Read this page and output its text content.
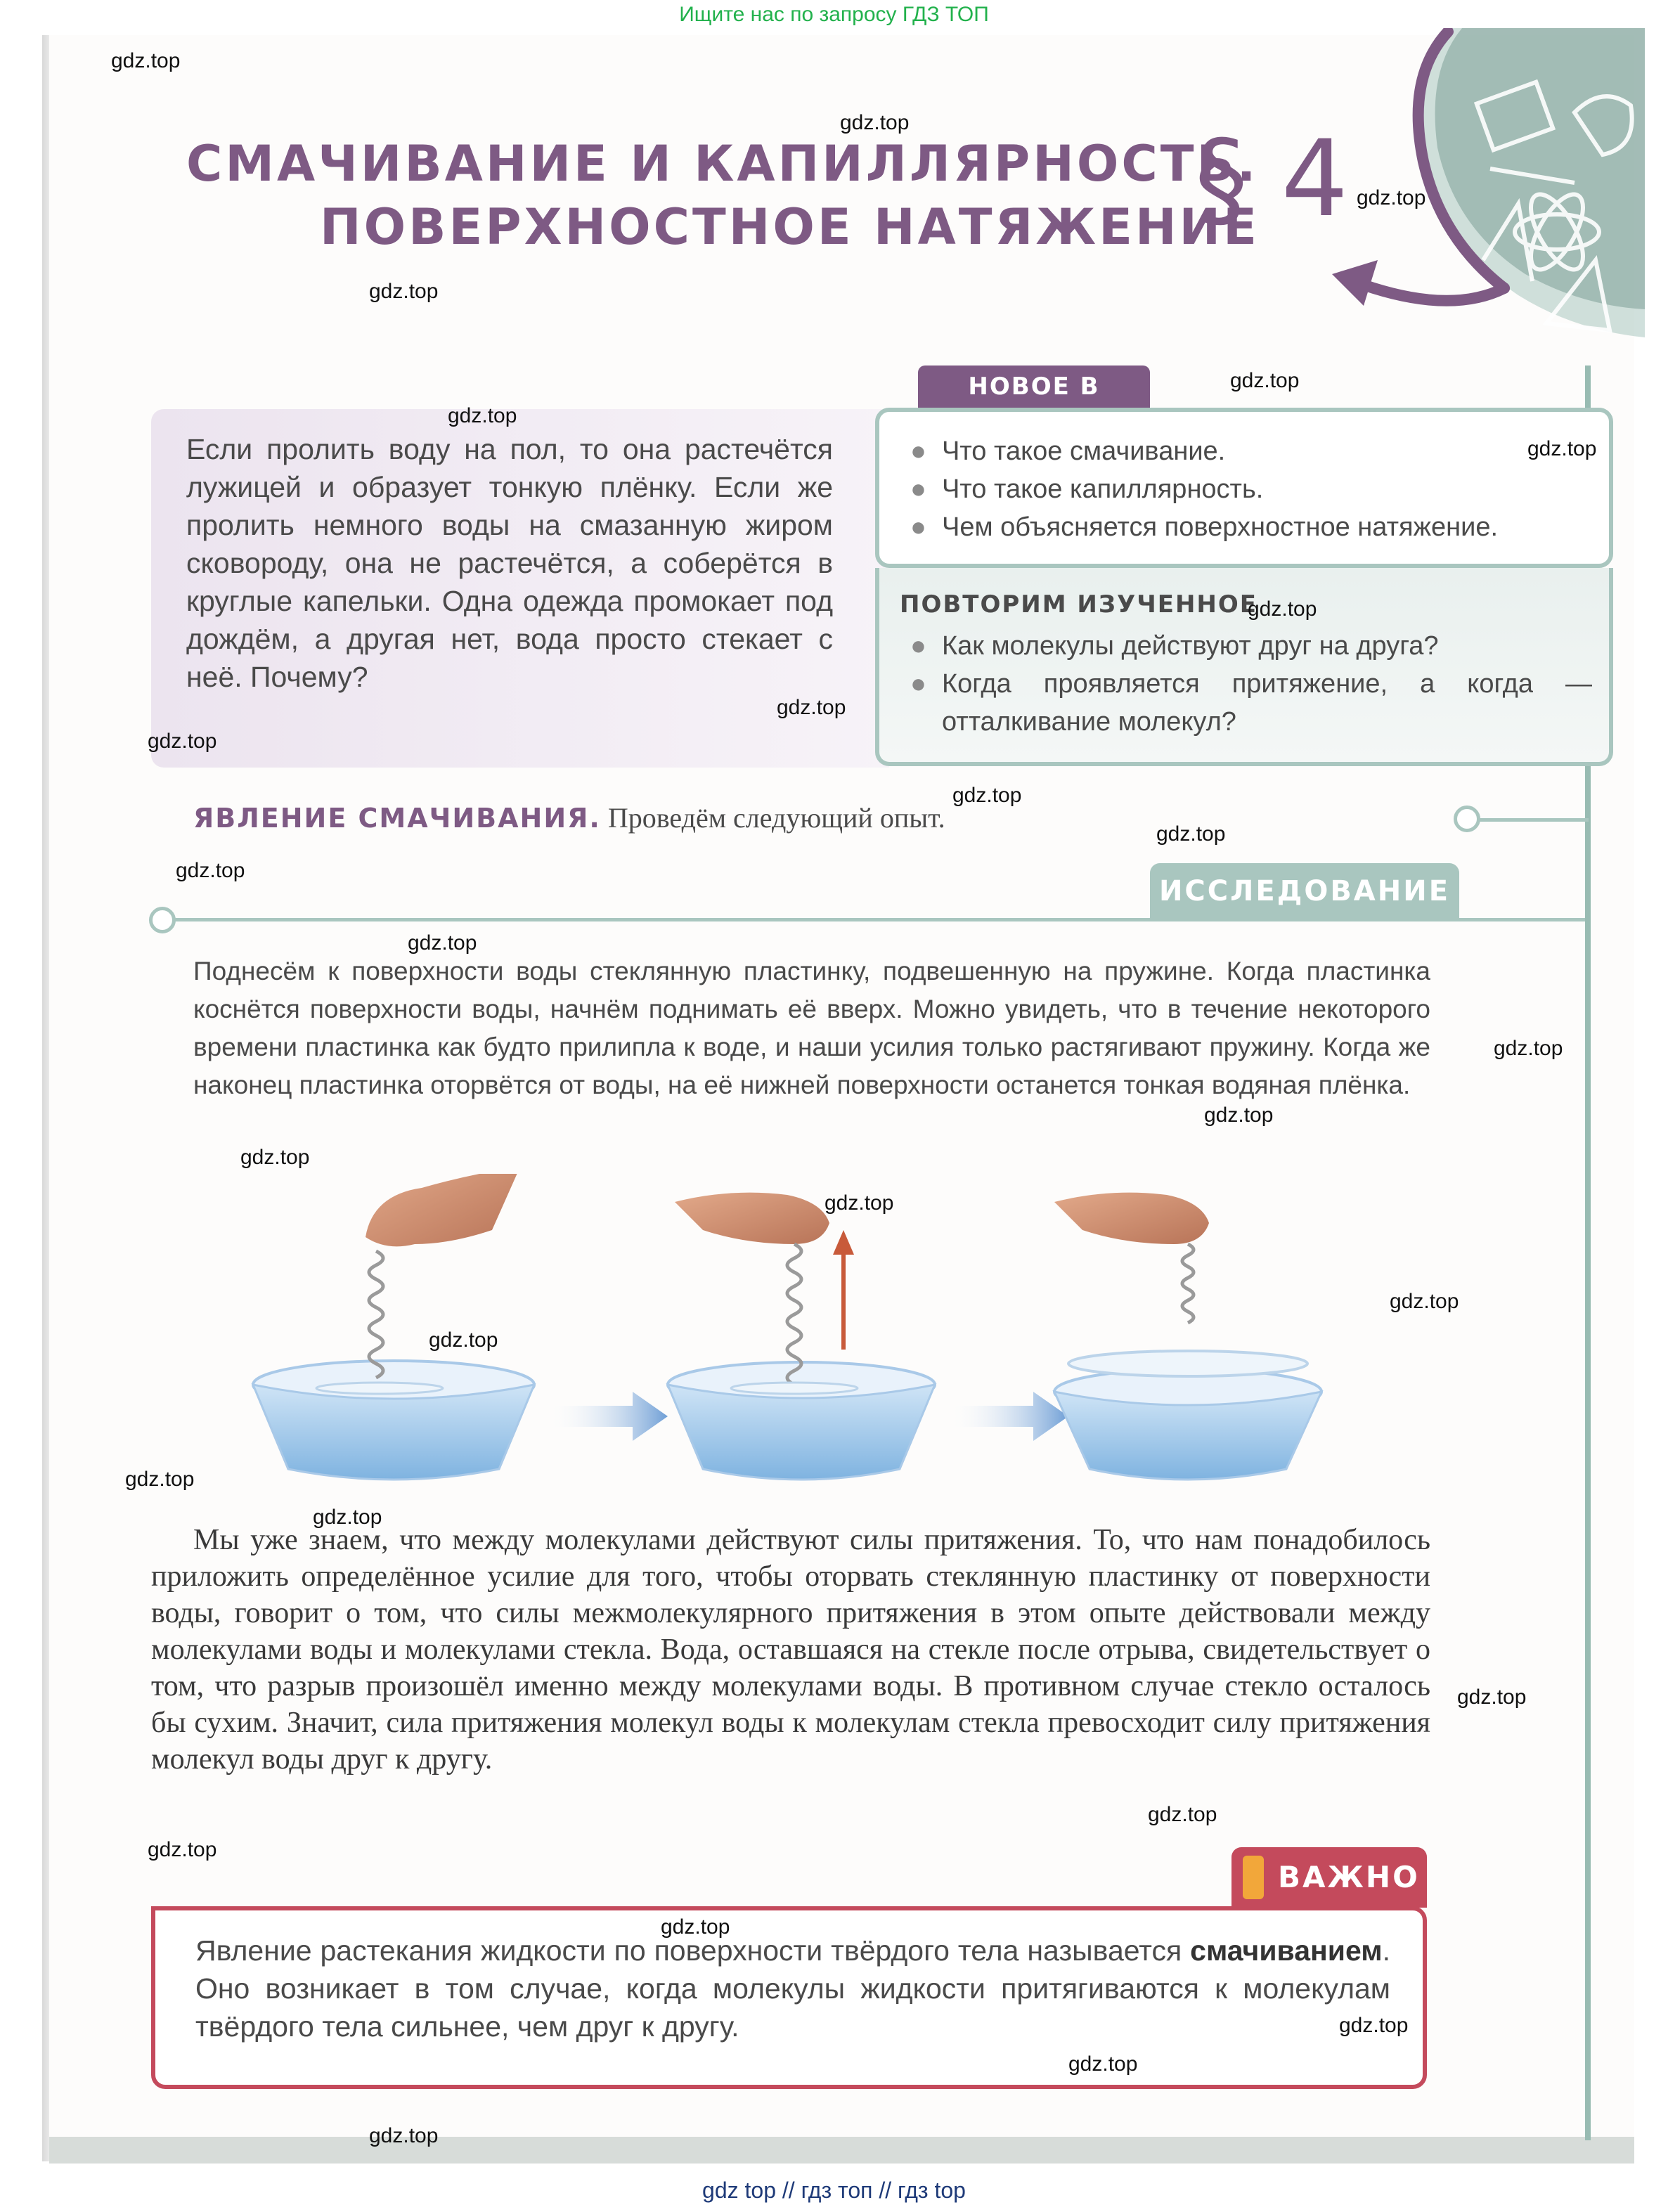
Ищите нас по запросу ГДЗ ТОП
СМАЧИВАНИЕ И КАПИЛЛЯРНОСТЬ.
ПОВЕРХНОСТНОЕ НАТЯЖЕНИЕ
§ 4
Если пролить воду на пол, то она растечётся лужицей и образует тонкую плёнку. Если же пролить немного воды на смазанную жиром сковороду, она не растечётся, а соберётся в круглые капельки. Одна одежда промокает под дождём, а другая нет, вода просто стекает с неё. Почему?
НОВОЕ В УРОКЕ
● Что такое смачивание.
● Что такое капиллярность.
● Чем объясняется поверхностное натяжение.
ПОВТОРИМ ИЗУЧЕННОЕ
● Как молекулы действуют друг на друга?
● Когда проявляется притяжение, а когда — отталкивание молекул?
ЯВЛЕНИЕ СМАЧИВАНИЯ. Проведём следующий опыт.
ИССЛЕДОВАНИЕ
Поднесём к поверхности воды стеклянную пластинку, подвешенную на пружине. Когда пластинка коснётся поверхности воды, начнём поднимать её вверх. Можно увидеть, что в течение некоторого времени пластинка как будто прилипла к воде, и наши усилия только растягивают пружину. Когда же наконец пластинка оторвётся от воды, на её нижней поверхности останется тонкая водяная плёнка.
Мы уже знаем, что между молекулами действуют силы притяжения. То, что нам понадобилось приложить определённое усилие для того, чтобы оторвать стеклянную пластинку от поверхности воды, говорит о том, что силы межмолекулярного притяжения в этом опыте действовали между молекулами воды и молекулами стекла. Вода, оставшаяся на стекле после отрыва, свидетельствует о том, что разрыв произошёл именно между молекулами воды. В противном случае стекло осталось бы сухим. Значит, сила притяжения молекул воды к молекулам стекла превосходит силу притяжения молекул воды друг к другу.
ВАЖНО
Явление растекания жидкости по поверхности твёрдого тела называется смачиванием. Оно возникает в том случае, когда молекулы жидкости притягиваются к молекулам твёрдого тела сильнее, чем друг к другу.
gdz.top
gdz.top
gdz.top
gdz.top
gdz.top
gdz.top
gdz.top
gdz.top
gdz.top
gdz.top
gdz.top
gdz.top
gdz.top
gdz.top
gdz.top
gdz.top
gdz.top
gdz.top
gdz.top
gdz.top
gdz.top
gdz.top
gdz.top
gdz.top
gdz.top
gdz.top
gdz.top
gdz.top
gdz.top
gdz top // гдз топ // гдз top
